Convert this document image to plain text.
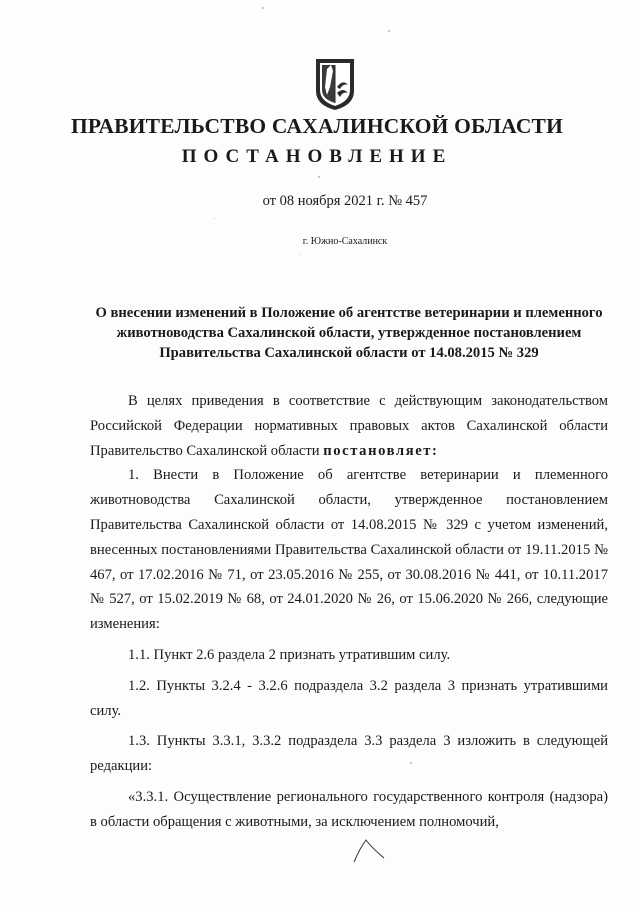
ПРАВИТЕЛЬСТВО САХАЛИНСКОЙ ОБЛАСТИ
ПОСТАНОВЛЕНИЕ
от 08 ноября 2021 г. № 457
г. Южно-Сахалинск

О внесении изменений в Положение об агентстве ветеринарии и племенного животноводства Сахалинской области, утвержденное постановлением Правительства Сахалинской области от 14.08.2015 № 329

В целях приведения в соответствие с действующим законодательством Российской Федерации нормативных правовых актов Сахалинской области Правительство Сахалинской области постановляет:

1. Внести в Положение об агентстве ветеринарии и племенного животноводства Сахалинской области, утвержденное постановлением Правительства Сахалинской области от 14.08.2015 № 329 с учетом изменений, внесенных постановлениями Правительства Сахалинской области от 19.11.2015 № 467, от 17.02.2016 № 71, от 23.05.2016 № 255, от 30.08.2016 № 441, от 10.11.2017 № 527, от 15.02.2019 № 68, от 24.01.2020 № 26, от 15.06.2020 № 266, следующие изменения:

1.1. Пункт 2.6 раздела 2 признать утратившим силу.

1.2. Пункты 3.2.4 - 3.2.6 подраздела 3.2 раздела 3 признать утратившими силу.

1.3. Пункты 3.3.1, 3.3.2 подраздела 3.3 раздела 3 изложить в следующей редакции:

«3.3.1. Осуществление регионального государственного контроля (надзора) в области обращения с животными, за исключением полномочий,
